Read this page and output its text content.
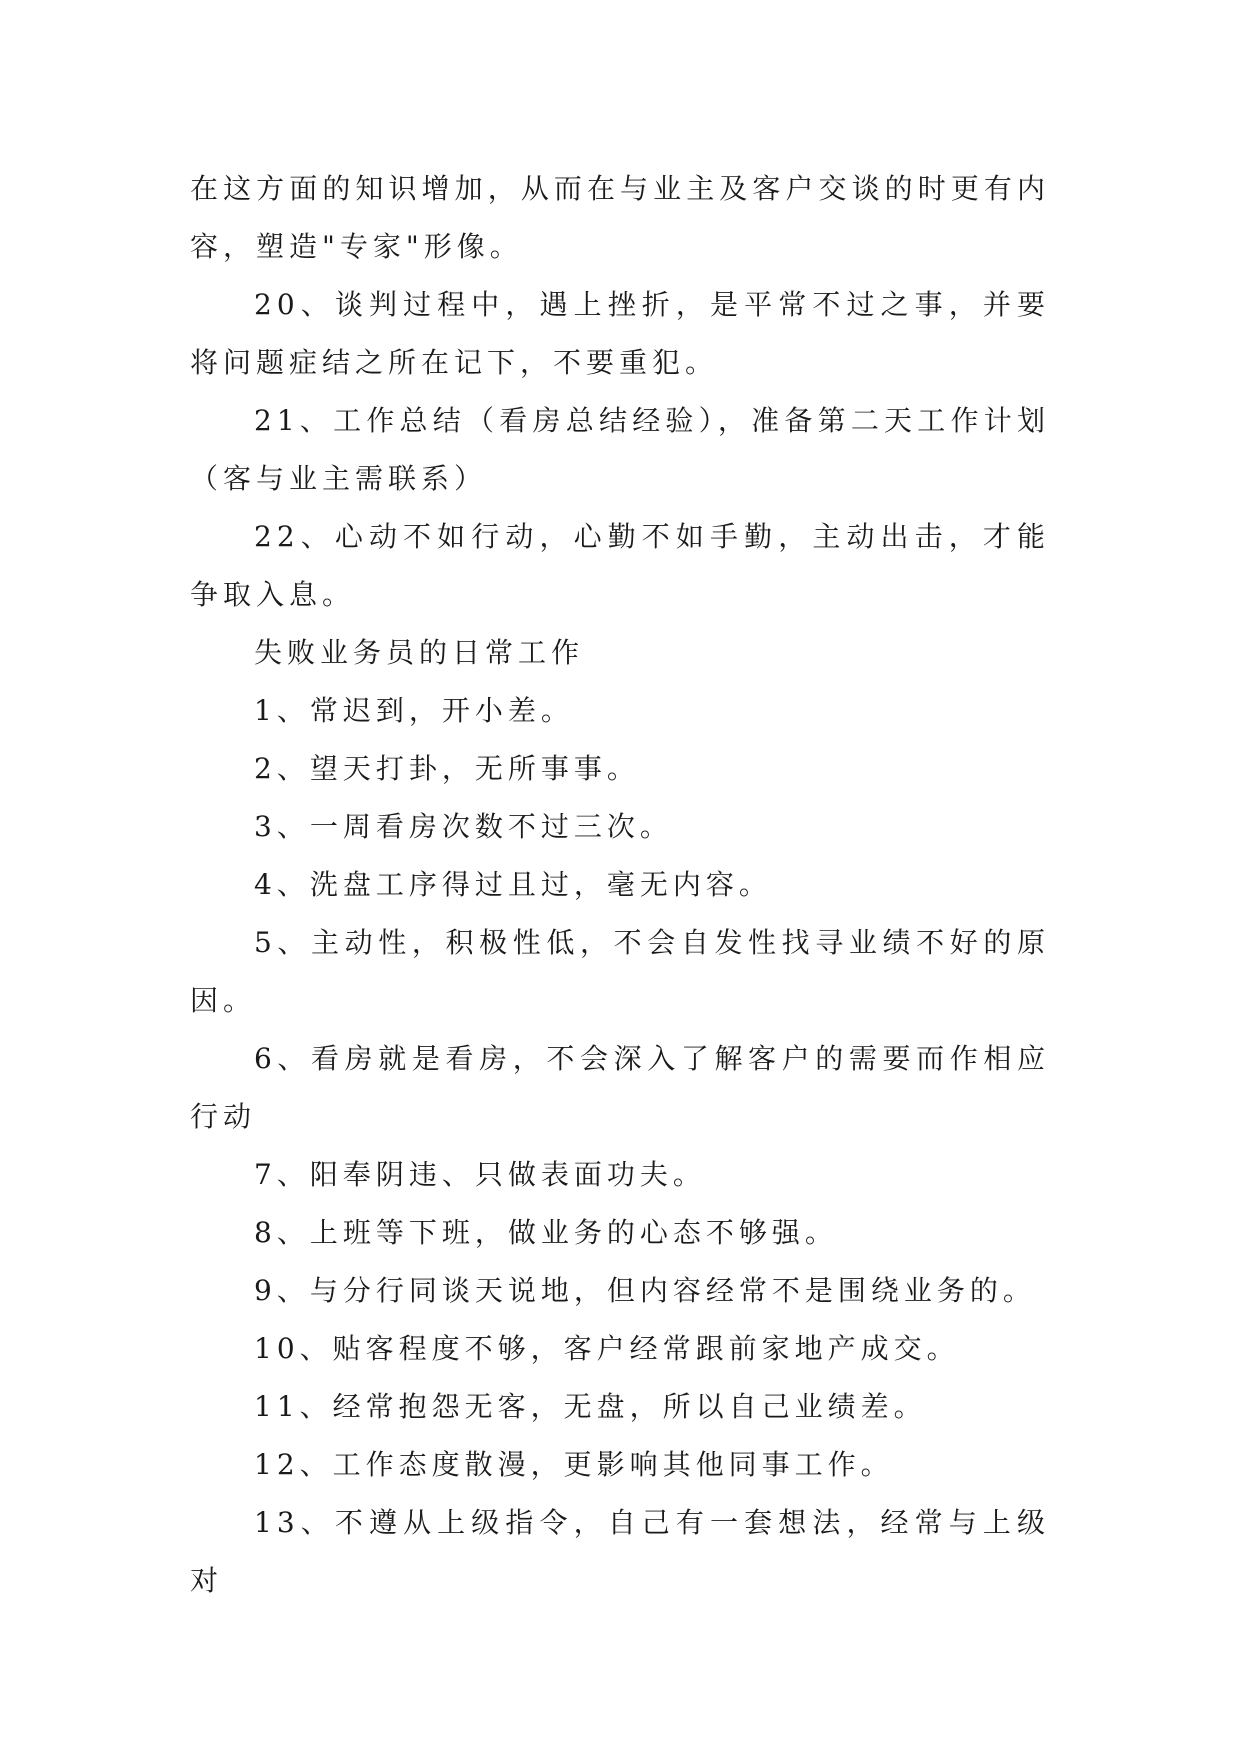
在这方面的知识增加，从而在与业主及客户交谈的时更有内容，塑造"专家"形像。

20、谈判过程中，遇上挫折，是平常不过之事，并要将问题症结之所在记下，不要重犯。

21、工作总结（看房总结经验），准备第二天工作计划（客与业主需联系）

22、心动不如行动，心勤不如手勤，主动出击，才能争取入息。

失败业务员的日常工作

1、常迟到，开小差。

2、望天打卦，无所事事。

3、一周看房次数不过三次。

4、洗盘工序得过且过，毫无内容。

5、主动性，积极性低，不会自发性找寻业绩不好的原因。

6、看房就是看房，不会深入了解客户的需要而作相应行动

7、阳奉阴违、只做表面功夫。

8、上班等下班，做业务的心态不够强。

9、与分行同谈天说地，但内容经常不是围绕业务的。

10、贴客程度不够，客户经常跟前家地产成交。

11、经常抱怨无客，无盘，所以自己业绩差。

12、工作态度散漫，更影响其他同事工作。

13、不遵从上级指令，自己有一套想法，经常与上级对
